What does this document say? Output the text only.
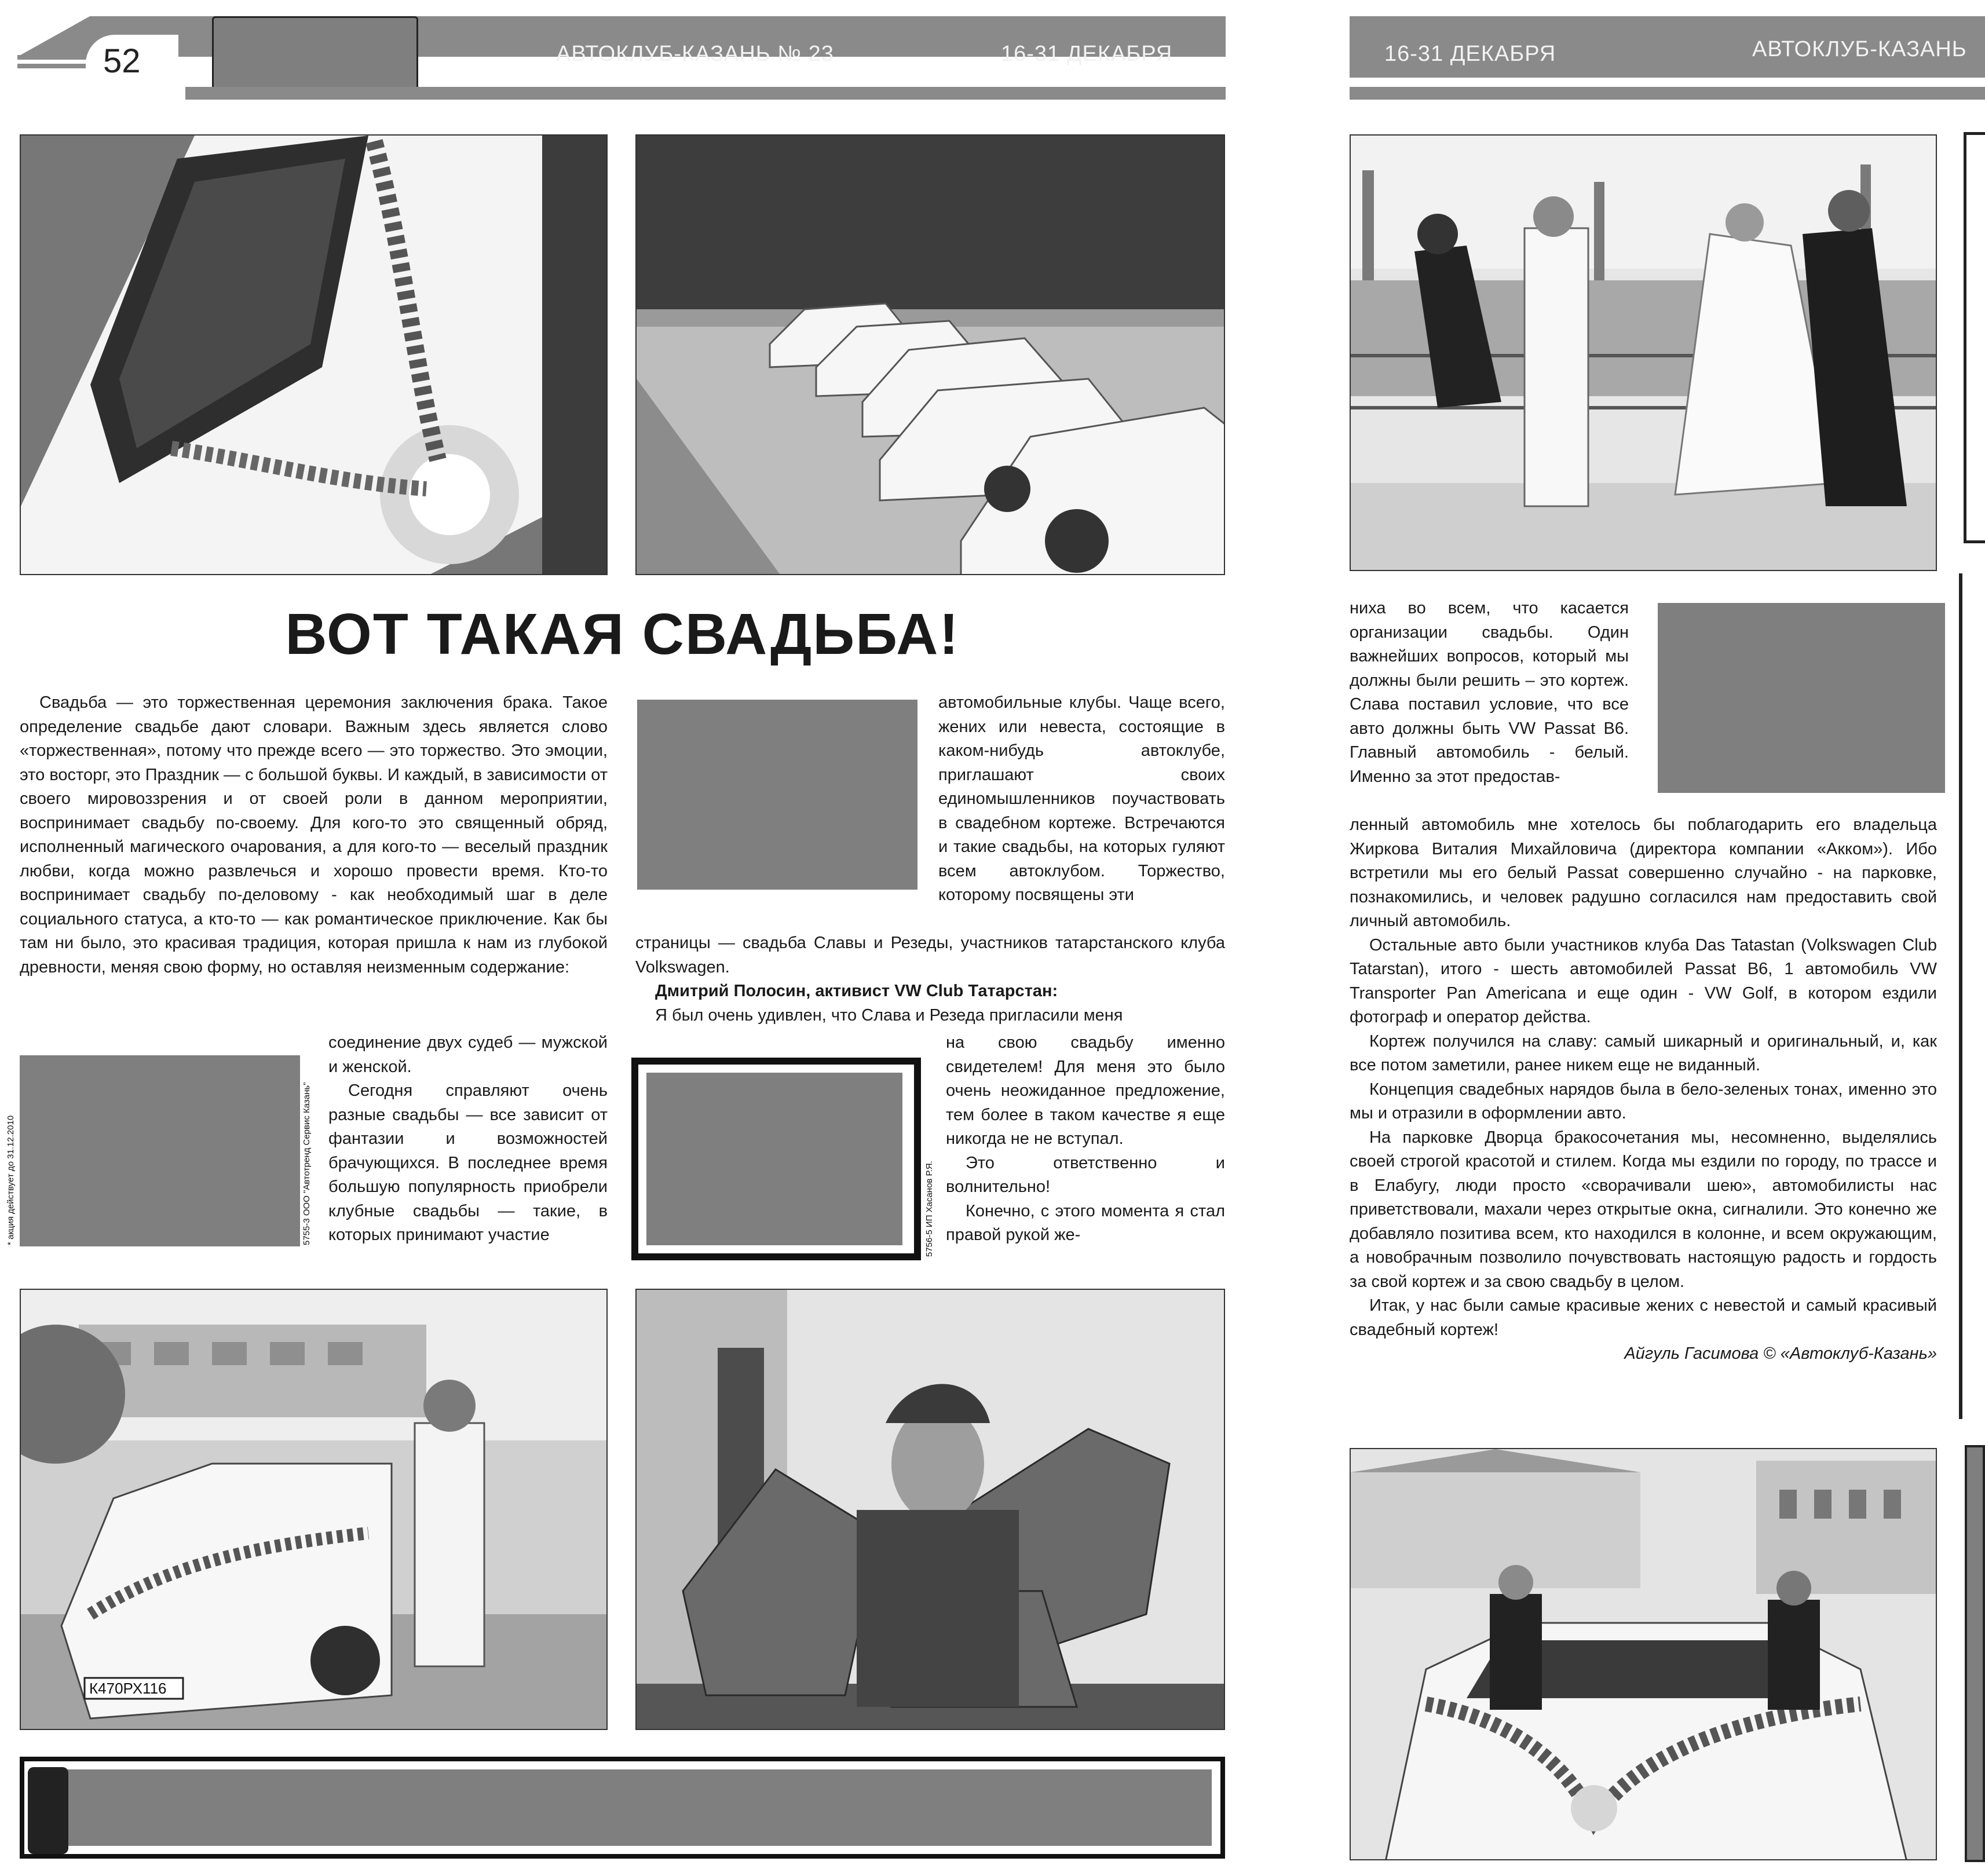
52	АВТОКЛУБ-КАЗАНЬ № 23	16-31 ДЕКАБРЯ	16-31 ДЕКАБРЯ	АВТОКЛУБ-КАЗАНЬ
ВОТ ТАКАЯ СВАДЬБА!

Свадьба — это торжественная церемония заключения брака. Такое определение свадьбе дают словари. Важным здесь является слово «торжественная», потому что прежде всего — это торжество. Это эмоции, это восторг, это Праздник — с большой буквы. И каждый, в зависимости от своего мировоззрения и от своей роли в данном мероприятии, воспринимает свадьбу по-своему. Для кого-то это священный обряд, исполненный магического очарования, а для кого-то — веселый праздник любви, когда можно развлечься и хорошо провести время. Кто-то воспринимает свадьбу по-деловому - как необходимый шаг в деле социального статуса, а кто-то — как романтическое приключение. Как бы там ни было, это красивая традиция, которая пришла к нам из глубокой древности, меняя свою форму, но оставляя неизменным содержание:

5755-3 ООО "Автотренд Сервис Казань"
* акция действует до 31.12.2010

соединение двух судеб — мужской и женской.

Сегодня справляют очень разные свадьбы — все зависит от фантазии и возможностей брачующихся. В последнее время большую популярность приобрели клубные свадьбы — такие, в которых принимают участие

автомобильные клубы. Чаще всего, жених или невеста, состоящие в каком-нибудь автоклубе, приглашают своих единомышленников поучаствовать в свадебном кортеже. Встречаются и такие свадьбы, на которых гуляют всем автоклубом. Торжество, которому посвящены эти

страницы — свадьба Славы и Резеды, участников татарстанского клуба Volkswagen.

Дмитрий Полосин, активист VW Club Татарстан:

Я был очень удивлен, что Слава и Резеда пригласили меня

5756-5 ИП Хасанов Р.Я.

на свою свадьбу именно свидетелем! Для меня это было очень неожиданное предложение, тем более в таком качестве я еще никогда не не вступал.

Это ответственно и волнительно!

Конечно, с этого момента я стал правой рукой же-

К470РХ116

ниха во всем, что касается организации свадьбы. Один важнейших вопросов, который мы должны были решить – это кортеж. Слава поставил условие, что все авто должны быть VW Passat B6. Главный автомобиль - белый. Именно за этот предостав-

ленный автомобиль мне хотелось бы поблагодарить его владельца Жиркова Виталия Михайловича (директора компании «Акком»). Ибо встретили мы его белый Passat совершенно случайно - на парковке, познакомились, и человек радушно согласился нам предоставить свой личный автомобиль.

Остальные авто были участников клуба Das Tatastan (Volkswagen Club Tatarstan), итого - шесть автомобилей Passat B6, 1 автомобиль VW Transporter Pan Americana и еще один - VW Golf, в котором ездили фотограф и оператор действа.

Кортеж получился на славу: самый шикарный и оригинальный, и, как все потом заметили, ранее никем еще не виданный.

Концепция свадебных нарядов была в бело-зеленых тонах, именно это мы и отразили в оформлении авто.

На парковке Дворца бракосочетания мы, несомненно, выделялись своей строгой красотой и стилем. Когда мы ездили по городу, по трассе и в Елабугу, люди просто «сворачивали шею», автомобилисты нас приветствовали, махали через открытые окна, сигналили. Это конечно же добавляло позитива всем, кто находился в колонне, и всем окружающим, а новобрачным позволило почувствовать настоящую радость и гордость за свой кортеж и за свою свадьбу в целом.

Итак, у нас были самые красивые жених с невестой и самый красивый свадебный кортеж!

Айгуль Гасимова © «Автоклуб-Казань»
